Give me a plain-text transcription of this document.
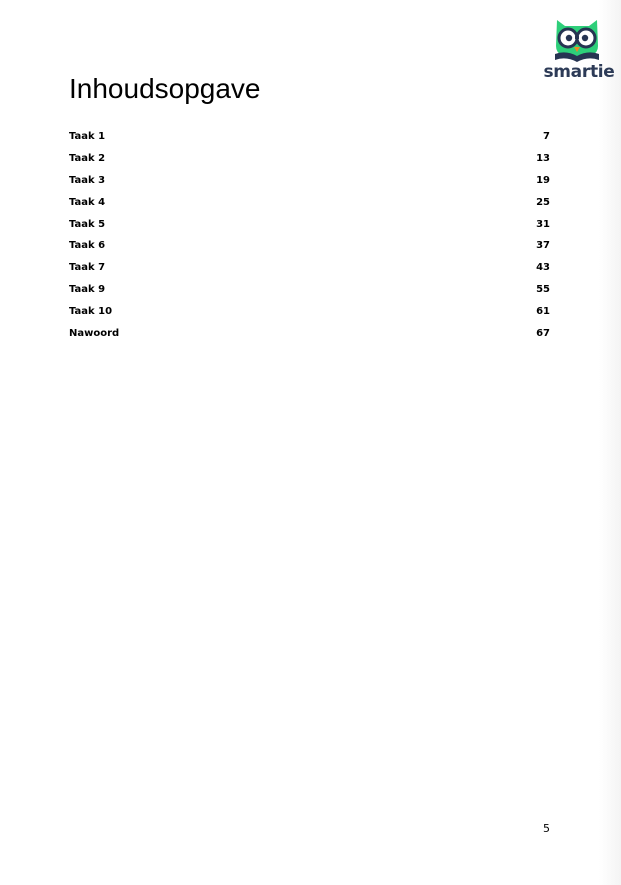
smartie
Inhoudsopgave
Taak 1	7
Taak 2	13
Taak 3	19
Taak 4	25
Taak 5	31
Taak 6	37
Taak 7	43
Taak 9	55
Taak 10	61
Nawoord	67
5
